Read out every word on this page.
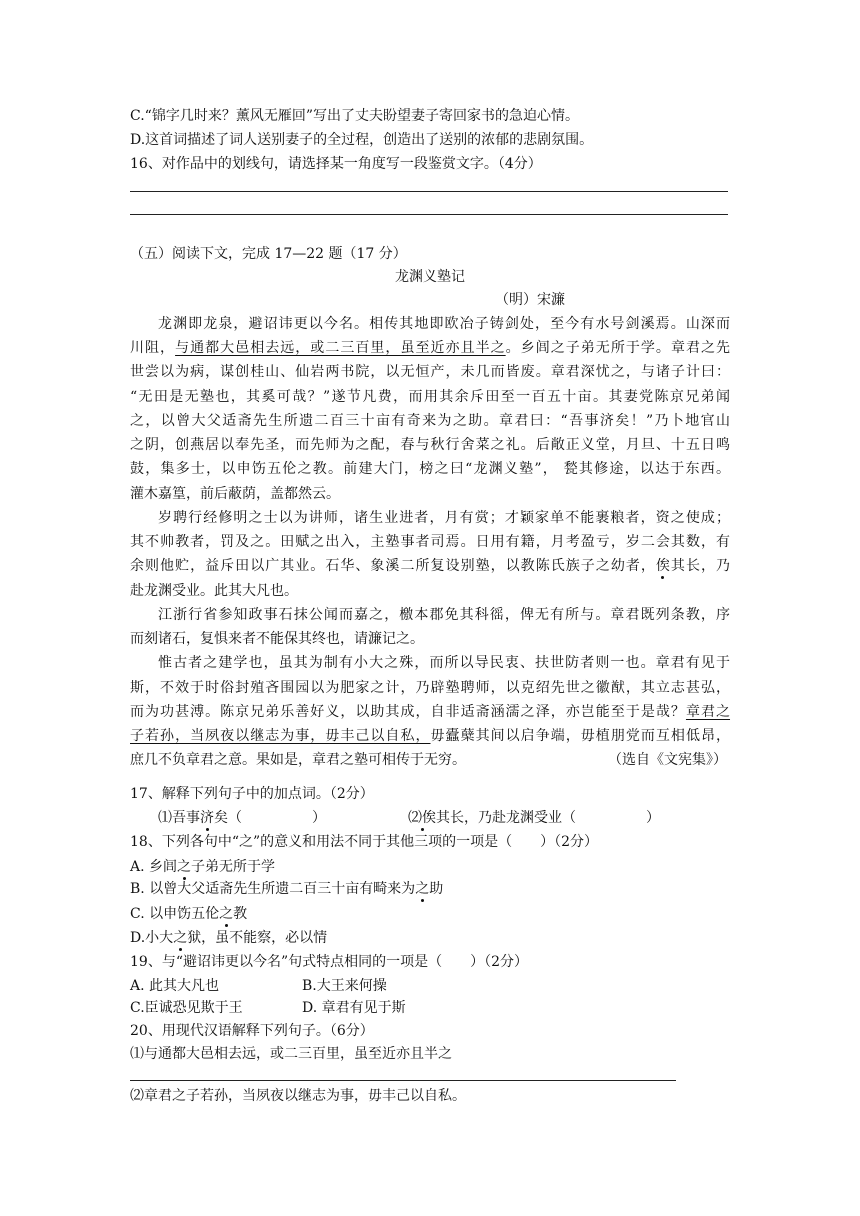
C.“锦字几时来？薰风无雁回”写出了丈夫盼望妻子寄回家书的急迫心情。
D.这首词描述了词人送别妻子的全过程，创造出了送别的浓郁的悲剧氛围。
16、对作品中的划线句，请选择某一角度写一段鉴赏文字。（4分）
（五）阅读下文，完成 17—22 题（17 分）
龙渊义塾记
（明）宋濂
龙渊即龙泉，避诏讳更以今名。相传其地即欧冶子铸剑处，至今有水号剑溪焉。山深而
川阻，与通都大邑相去远，或二三百里，虽至近亦且半之。乡闾之子弟无所于学。章君之先
世尝以为病，谋创桂山、仙岩两书院，以无恒产，未几而皆废。章君深忧之，与诸子计曰：
“无田是无塾也，其奚可哉？”遂节凡费，而用其余斥田至一百五十亩。其妻党陈京兄弟闻
之，以曾大父适斋先生所遗二百三十亩有奇来为之助。章君曰：“吾事济矣！”乃卜地官山
之阴，创燕居以奉先圣，而先师为之配，春与秋行舍菜之礼。后敞正义堂，月旦、十五日鸣
鼓，集多士，以申饬五伦之教。前建大门，榜之曰“龙渊义塾”， 甃其修途，以达于东西。
灌木嘉篁，前后蔽荫，盖都然云。
岁聘行经修明之士以为讲师，诸生业进者，月有赏；才颖家单不能裹粮者，资之使成；
其不帅教者，罚及之。田赋之出入，主塾事者司焉。日用有籍，月考盈亏，岁二会其数，有
余则他贮，益斥田以广其业。石华、象溪二所复设别塾，以教陈氏族子之幼者，俟其长，乃
赴龙渊受业。此其大凡也。
江浙行省参知政事石抹公闻而嘉之，檄本郡免其科徭，俾无有所与。章君既列条教，序
而刻诸石，复惧来者不能保其终也，请濂记之。
惟古者之建学也，虽其为制有小大之殊，而所以导民衷、扶世防者则一也。章君有见于
斯，不效于时俗封殖吝围园以为肥家之计，乃辟塾聘师，以克绍先世之徽猷，其立志甚弘，
而为功甚溥。陈京兄弟乐善好义，以助其成，自非适斋涵濡之泽，亦岂能至于是哉？章君之
子若孙，当夙夜以继志为事，毋丰己以自私，毋蠹蘖其间以启争端，毋植朋党而互相低昂，
庶几不负章君之意。果如是，章君之塾可相传于无穷。	（选自《文宪集》）
17、解释下列句子中的加点词。（2分）
⑴吾事济矣（　　　　　）	⑵俟其长，乃赴龙渊受业（　　　　　）
18、下列各句中“之”的意义和用法不同于其他三项的一项是（　　）（2分）
A. 乡闾之子弟无所于学
B. 以曾大父适斋先生所遗二百三十亩有畸来为之助
C. 以申饬五伦之教
D.小大之狱，虽不能察，必以情
19、与“避诏讳更以今名”句式特点相同的一项是（　　）（2分）
A. 此其大凡也	B.大王来何操
C.臣诚恐见欺于王	D. 章君有见于斯
20、用现代汉语解释下列句子。（6分）
⑴与通都大邑相去远，或二三百里，虽至近亦且半之
⑵章君之子若孙，当夙夜以继志为事，毋丰己以自私。
